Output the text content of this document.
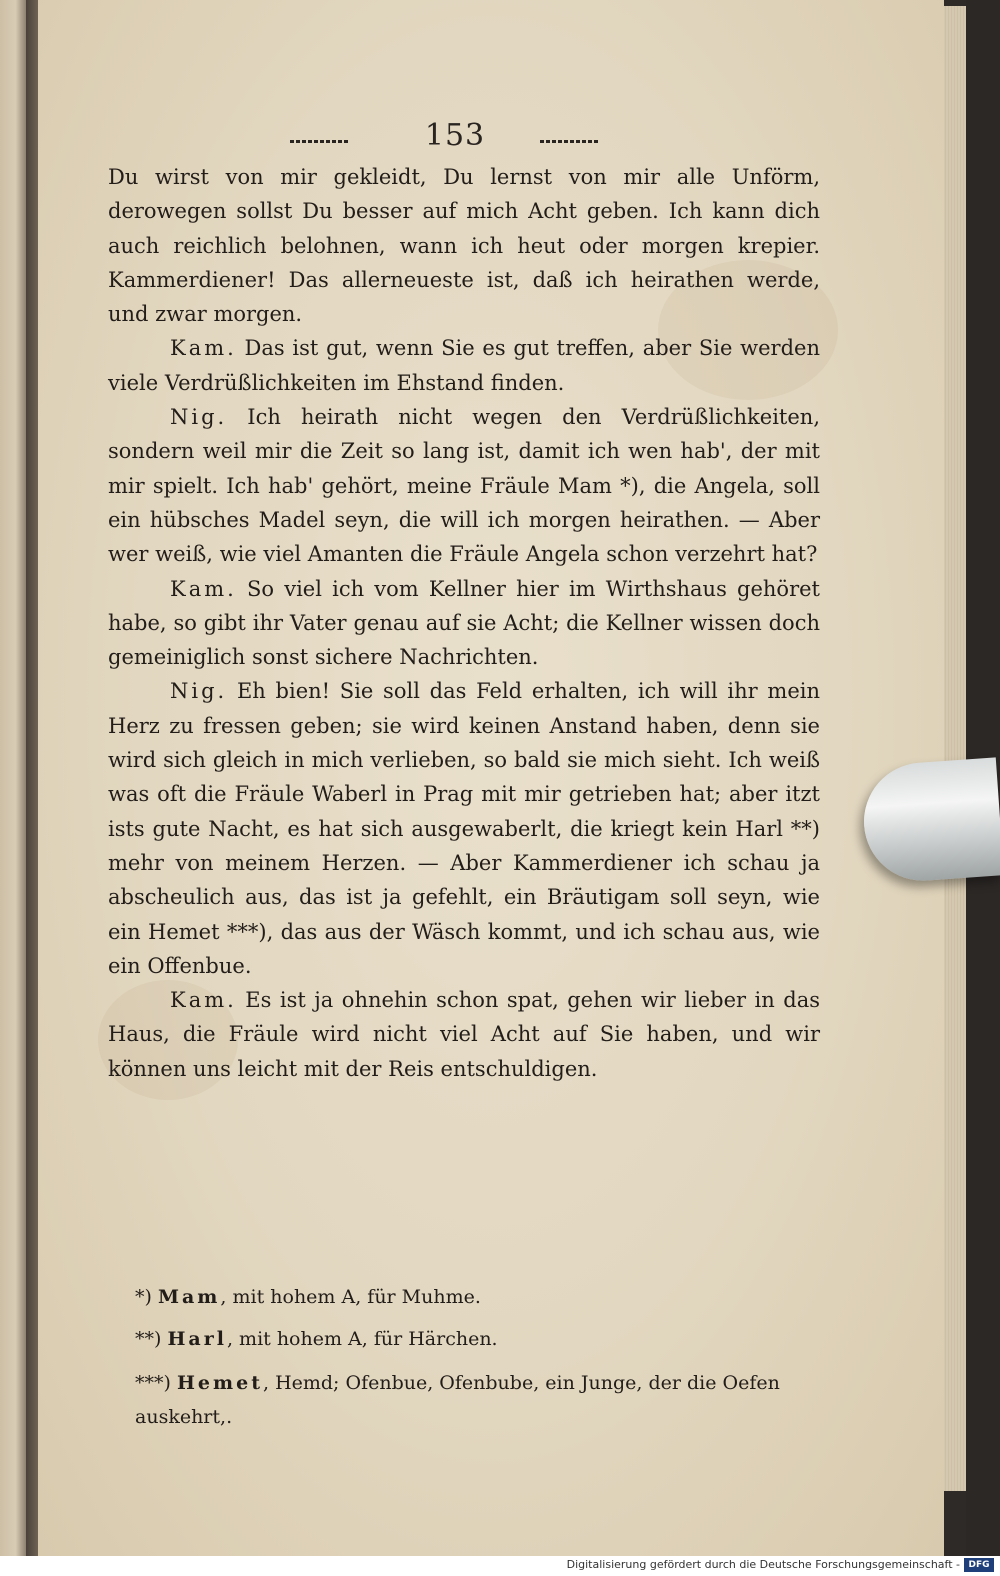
153

Du wirst von mir gekleidt, Du lernst von mir alle Unförm, derowegen sollst Du besser auf mich Acht geben. Ich kann dich auch reichlich belohnen, wann ich heut oder morgen krepier. Kammerdiener! Das allerneueste ist, daß ich heirathen werde, und zwar morgen.

Kam. Das ist gut, wenn Sie es gut treffen, aber Sie werden viele Verdrüßlichkeiten im Ehstand finden.

Nig. Ich heirath nicht wegen den Verdrüßlichkeiten, sondern weil mir die Zeit so lang ist, damit ich wen hab', der mit mir spielt. Ich hab' gehört, meine Fräule Mam *), die Angela, soll ein hübsches Madel seyn, die will ich morgen heirathen. — Aber wer weiß, wie viel Amanten die Fräule Angela schon verzehrt hat?

Kam. So viel ich vom Kellner hier im Wirthshaus gehöret habe, so gibt ihr Vater genau auf sie Acht; die Kellner wissen doch gemeiniglich sonst sichere Nachrichten.

Nig. Eh bien! Sie soll das Feld erhalten, ich will ihr mein Herz zu fressen geben; sie wird keinen Anstand haben, denn sie wird sich gleich in mich verlieben, so bald sie mich sieht. Ich weiß was oft die Fräule Waberl in Prag mit mir getrieben hat; aber itzt ists gute Nacht, es hat sich ausgewaberlt, die kriegt kein Harl **) mehr von meinem Herzen. — Aber Kammerdiener ich schau ja abscheulich aus, das ist ja gefehlt, ein Bräutigam soll seyn, wie ein Hemet ***), das aus der Wäsch kommt, und ich schau aus, wie ein Offenbue.

Kam. Es ist ja ohnehin schon spat, gehen wir lieber in das Haus, die Fräule wird nicht viel Acht auf Sie haben, und wir können uns leicht mit der Reis entschuldigen.

*) Mam, mit hohem A, für Muhme.

**) Harl, mit hohem A, für Härchen.

***) Hemet, Hemd; Ofenbue, Ofenbube, ein Junge, der die Oefen auskehrt,.

Digitalisierung gefördert durch die Deutsche Forschungsgemeinschaft - DFG
